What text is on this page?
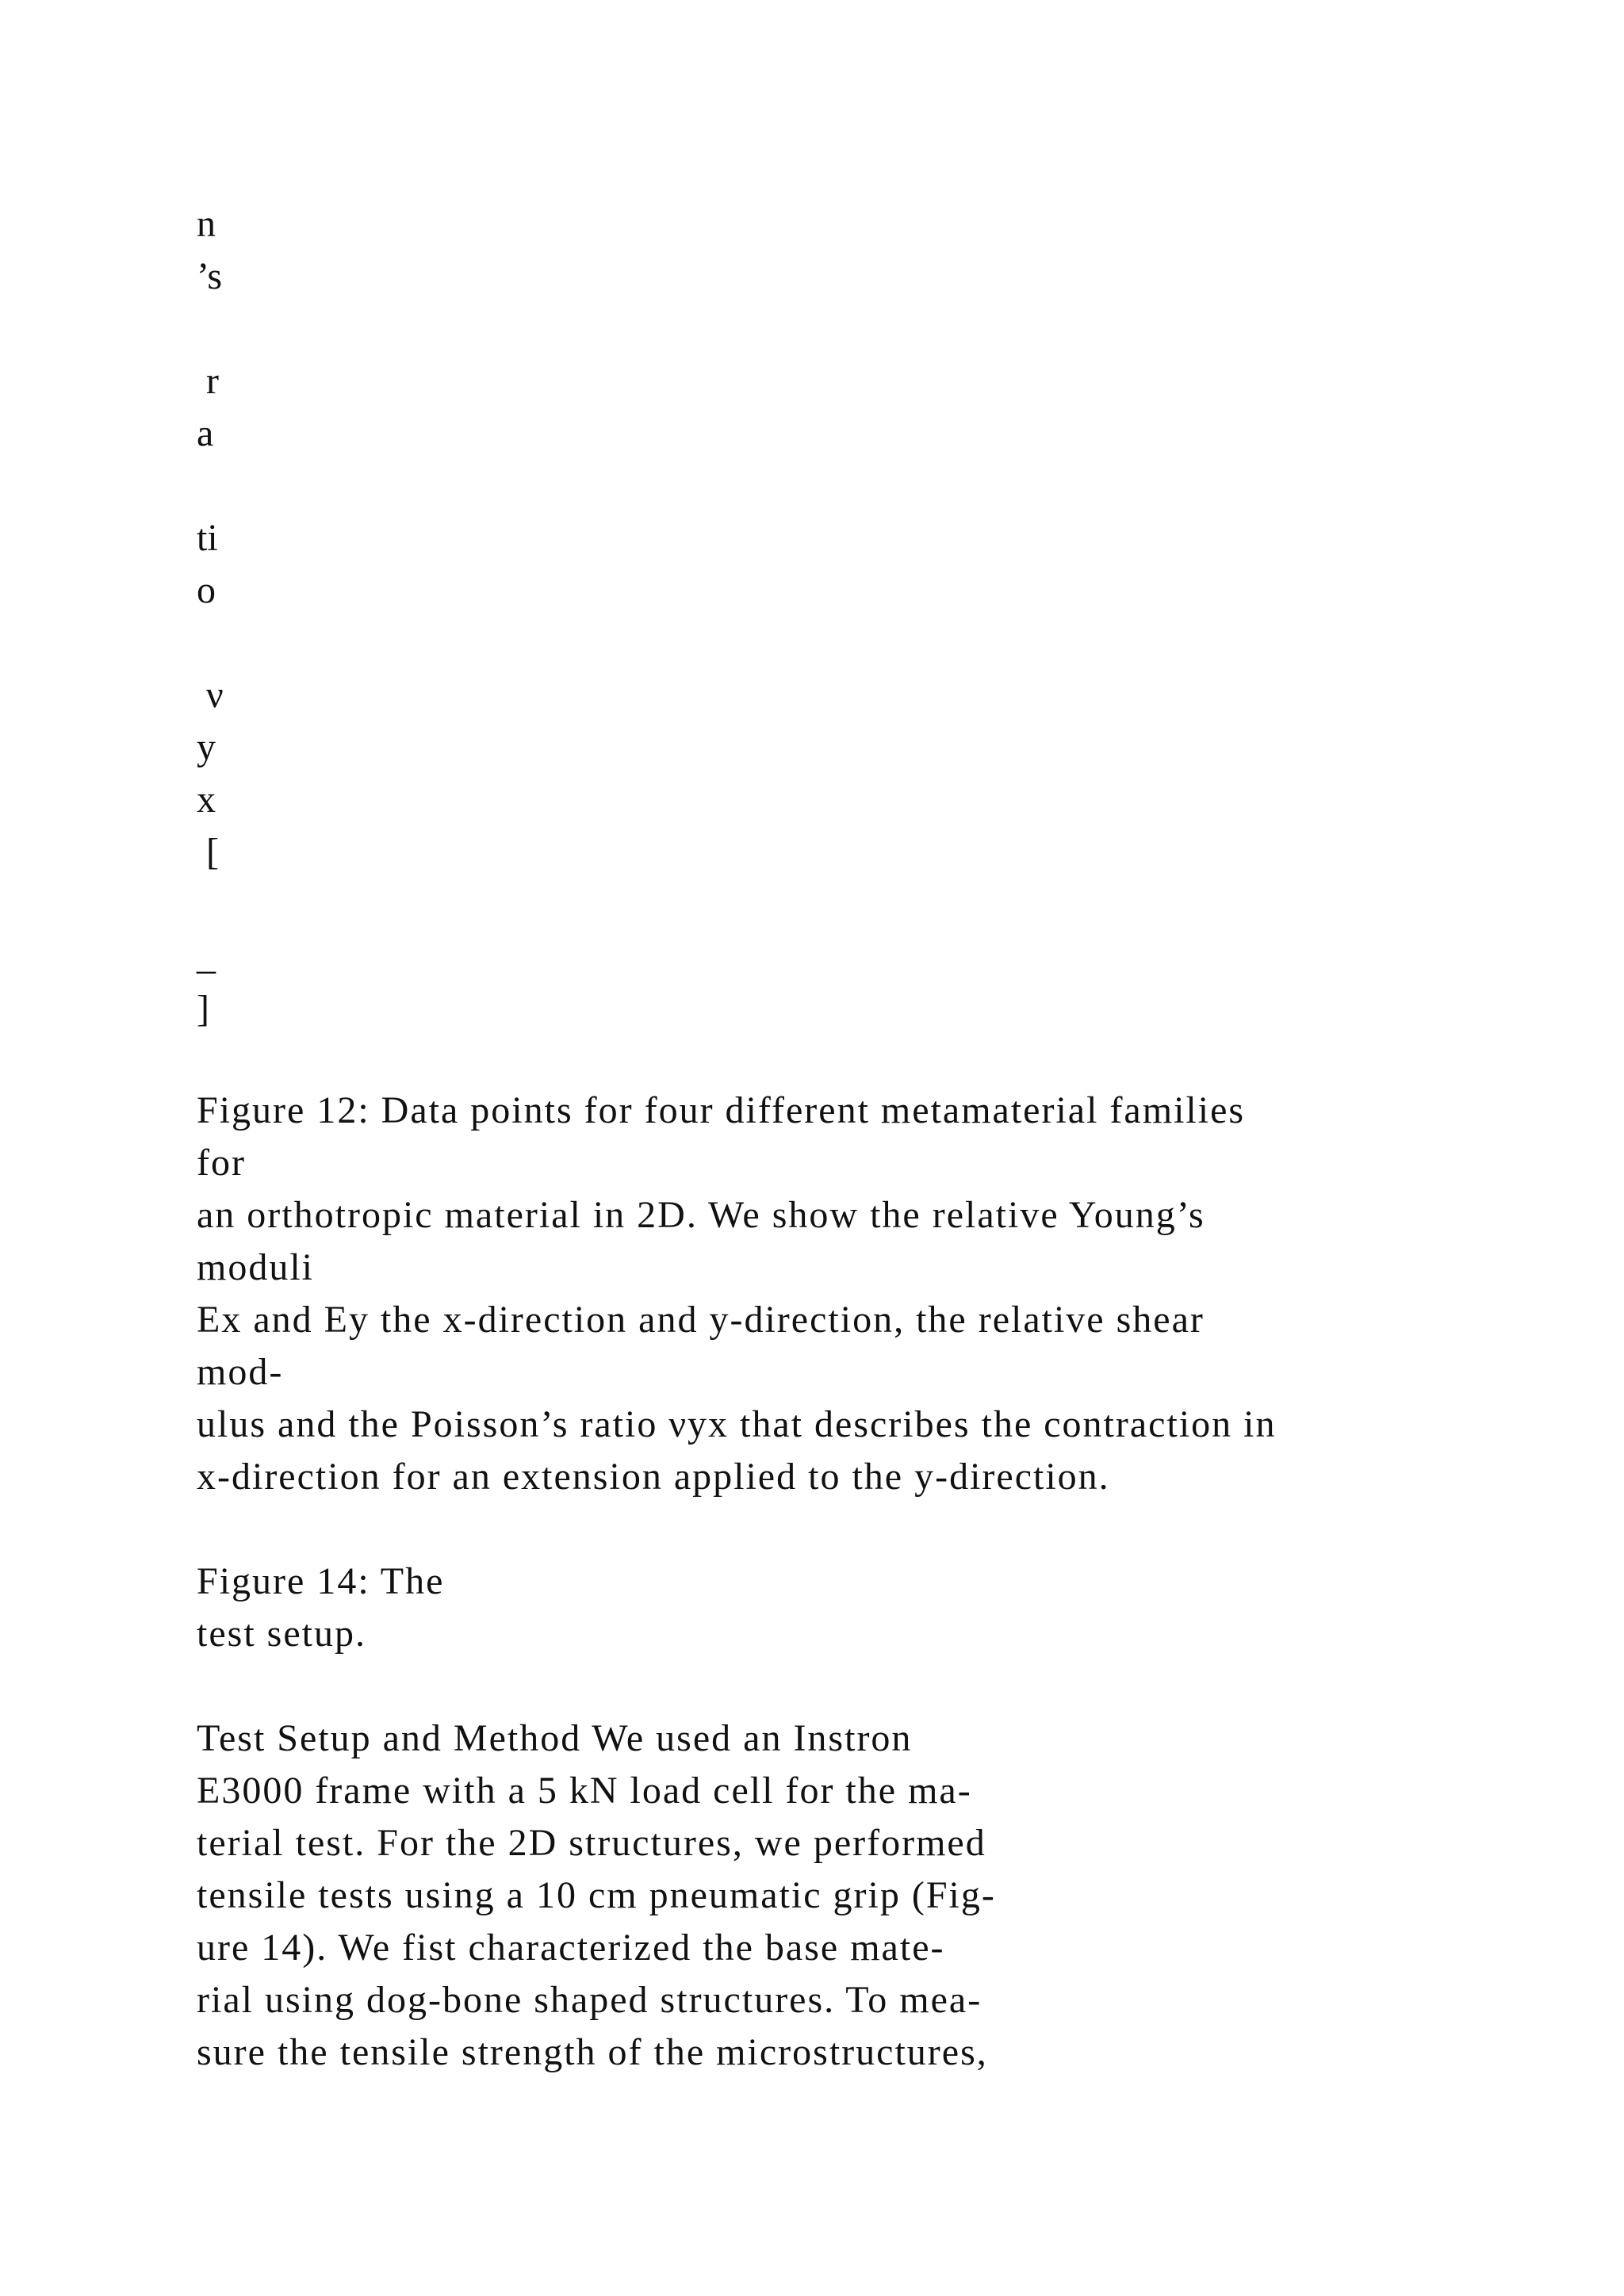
n

’s

r

a

ti

o

ν

y

x

[

_

]

Figure 12: Data points for four different metamaterial families
for
an orthotropic material in 2D. We show the relative Young’s
moduli
Ex and Ey the x-direction and y-direction, the relative shear
mod-
ulus and the Poisson’s ratio νyx that describes the contraction in
x-direction for an extension applied to the y-direction.
Figure 14: The
test setup.
Test Setup and Method We used an Instron
E3000 frame with a 5 kN load cell for the ma-
terial test. For the 2D structures, we performed
tensile tests using a 10 cm pneumatic grip (Fig-
ure 14). We fist characterized the base mate-
rial using dog-bone shaped structures. To mea-
sure the tensile strength of the microstructures,
